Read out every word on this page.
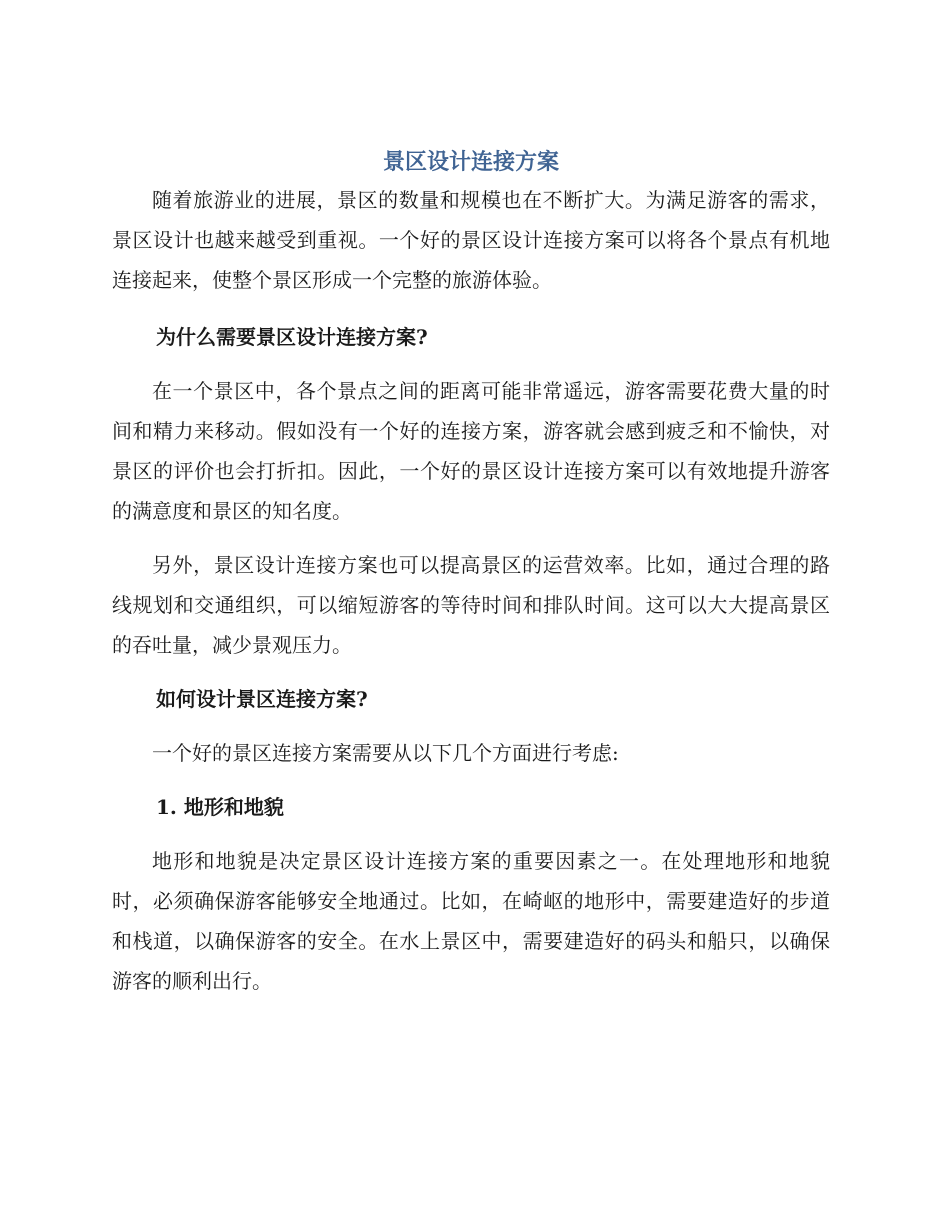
景区设计连接方案

随着旅游业的进展，景区的数量和规模也在不断扩大。为满足游客的需求，景区设计也越来越受到重视。一个好的景区设计连接方案可以将各个景点有机地连接起来，使整个景区形成一个完整的旅游体验。

为什么需要景区设计连接方案?

在一个景区中，各个景点之间的距离可能非常遥远，游客需要花费大量的时间和精力来移动。假如没有一个好的连接方案，游客就会感到疲乏和不愉快，对景区的评价也会打折扣。因此，一个好的景区设计连接方案可以有效地提升游客的满意度和景区的知名度。

另外，景区设计连接方案也可以提高景区的运营效率。比如，通过合理的路线规划和交通组织，可以缩短游客的等待时间和排队时间。这可以大大提高景区的吞吐量，减少景观压力。

如何设计景区连接方案?

一个好的景区连接方案需要从以下几个方面进行考虑:

1. 地形和地貌

地形和地貌是决定景区设计连接方案的重要因素之一。在处理地形和地貌时，必须确保游客能够安全地通过。比如，在崎岖的地形中，需要建造好的步道和栈道，以确保游客的安全。在水上景区中，需要建造好的码头和船只，以确保游客的顺利出行。
